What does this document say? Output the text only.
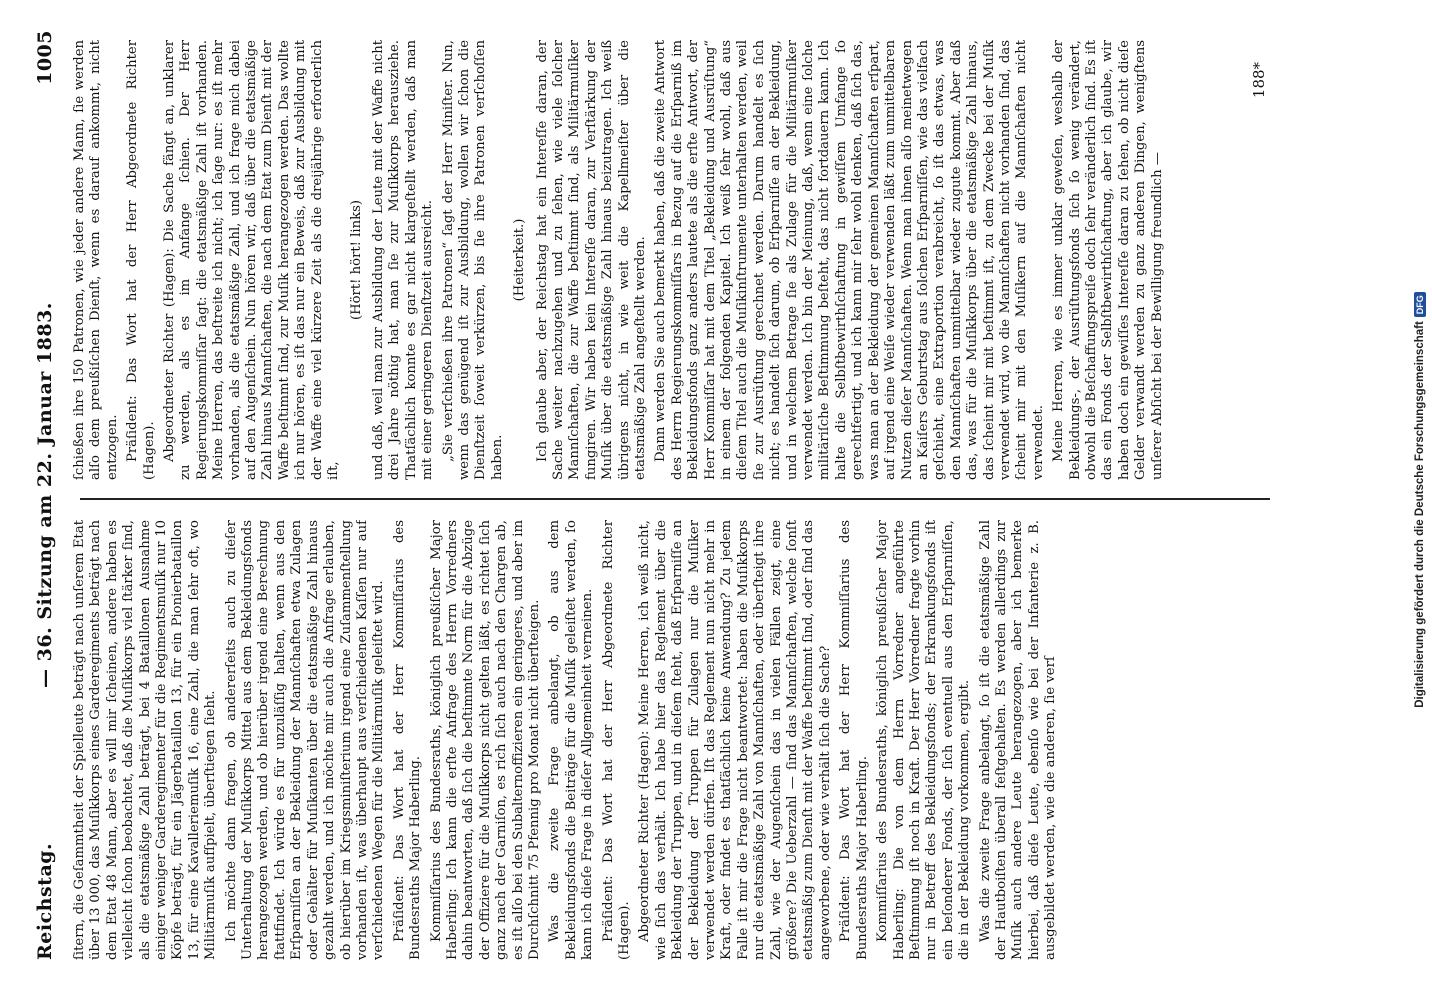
Reichstag.
— 36. Sitzung am 22. Januar 1883.
1005

ſitern, die Geſammtheit der Spielleute beträgt nach unſerem Etat über 13 000, das Muſikkorps eines Garderegiments beträgt nach dem Etat 48 Mann, aber es will mir ſcheinen, andere haben es vielleicht ſchon beobachtet, daß die Muſikkorps viel ſtärker ſind, als die etatsmäßige Zahl beträgt, bei 4 Bataillonen Ausnahme einiger weniger Garderegimenter für die Regimentsmuſik nur 10 Köpfe beträgt, für ein Jägerbataillon 13, für ein Pionierbataillon 13, für eine Kavalleriemuſik 16, eine Zahl, die man ſehr oft, wo Militärmuſik aufſpielt, überſtiegen ſieht. Ich möchte dann fragen, ob andererſeits auch zu dieſer Unterhaltung der Muſikkorps Mittel aus dem Bekleidungsfonds herangezogen werden, und ob hierüber irgend eine Berechnung ſtattfindet. Ich würde es für unzuläſſig halten, wenn aus den Erſparniſſen an der Bekleidung der Mannſchaften etwa Zulagen oder Gehälter für Muſikanten über die etatsmäßige Zahl hinaus gezahlt werden, und ich möchte mir auch die Anfrage erlauben, ob hierüber im Kriegsminiſterium irgend eine Zuſammenſtellung vorhanden iſt, was überhaupt aus verſchiedenen Kaſſen nur auf verſchiedenen Wegen für die Militärmuſik geleiſtet wird. Präſident: Das Wort hat der Herr Kommiſſarius des Bundesraths Major Haberling. Kommiſſarius des Bundesraths, königlich preußiſcher Major Haberling: Ich kann die erſte Anfrage des Herrn Vorredners dahin beantworten, daß ſich die beſtimmte Norm für die Abzüge der Offiziere für die Muſikkorps nicht gelten läßt, es richtet ſich ganz nach der Garniſon, es rich ſich auch nach den Chargen ab, es iſt alſo bei den Subalternoffizieren ein geringeres, und aber im Durchſchnitt 75 Pfennig pro Monat nicht überſteigen. Was die zweite Frage anbelangt, ob aus dem Bekleidungsfonds die Beiträge für die Muſik geleiſtet werden, ſo kann ich dieſe Frage in dieſer Allgemeinheit verneinen. Präſident: Das Wort hat der Herr Abgeordnete Richter (Hagen). Abgeordneter Richter (Hagen): Meine Herren, ich weiß nicht, wie ſich das verhält. Ich habe hier das Reglement über die Bekleidung der Truppen, und in dieſem ſteht, daß Erſparniſſe an der Bekleidung der Truppen für Zulagen nur die Muſiker verwendet werden dürfen. Iſt das Reglement nun nicht mehr in Kraft, oder findet es thatſächlich keine Anwendung? Zu jedem Falle iſt mir die Frage nicht beantwortet: haben die Muſikkorps nur die etatsmäßige Zahl von Mannſchaften, oder überſteigt ihre Zahl, wie der Augenſchein das in vielen Fällen zeigt, eine größere? Die Ueberzahl — ſind das Mannſchaften, welche ſonſt etatsmäßig zum Dienſt mit der Waffe beſtimmt ſind, oder ſind das angeworbene, oder wie verhält ſich die Sache? Präſident: Das Wort hat der Herr Kommiſſarius des Bundesraths Major Haberling. Kommiſſarius des Bundesraths, königlich preußiſcher Major Haberling: Die von dem Herrn Vorredner angeführte Beſtimmung iſt noch in Kraft. Der Herr Vorredner fragte vorhin nur in Betreff des Bekleidungsfonds; der Erkrankungsfonds iſt ein beſonderer Fonds, der ſich eventuell aus den Erſparniſſen, die in der Bekleidung vorkommen, ergibt. Was die zweite Frage anbelangt, ſo iſt die etatsmäßige Zahl der Hautboiſten überall feſtgehalten. Es werden allerdings zur Muſik auch andere Leute herangezogen, aber ich bemerke hierbei, daß dieſe Leute, ebenſo wie bei der Infanterie z. B. ausgebildet werden, wie die anderen, ſie verſ

ſchießen ihre 150 Patronen, wie jeder andere Mann, ſie werden alſo dem preußiſchen Dienſt, wenn es darauf ankommt, nicht entzogen. Präſident: Das Wort hat der Herr Abgeordnete Richter (Hagen). Abgeordneter Richter (Hagen): Die Sache fängt an, unklarer zu werden, als es im Anfange ſchien. Der Herr Regierungskommiſſar ſagt: die etatsmäßige Zahl iſt vorhanden. Meine Herren, das beſtreite ich nicht; ich ſage nur: es iſt mehr vorhanden, als die etatsmäßige Zahl, und ich frage mich dabei auf den Augenſchein. Nun hören wir, daß über die etatsmäßige Zahl hinaus Mannſchaften, die nach dem Etat zum Dienſt mit der Waffe beſtimmt ſind, zur Muſik herangezogen werden. Das wollte ich nur hören, es iſt das nur ein Beweis, daß zur Ausbildung mit der Waffe eine viel kürzere Zeit als die dreijährige erforderlich iſt,

(Hört! hört! links) und daß, weil man zur Ausbildung der Leute mit der Waffe nicht drei Jahre nöthig hat, man ſie zur Muſikkorps herausziehe. Thatſächlich konnte es gar nicht klargeſtellt werden, daß man mit einer geringeren Dienſtzeit ausreicht. „Sie verſchießen ihre Patronen“ ſagt der Herr Miniſter. Nun, wenn das genügend iſt zur Ausbildung, wollen wir ſchon die Dienſtzeit ſoweit verkürzen, bis ſie ihre Patronen verſchoſſen haben.

(Heiterkeit.) Ich glaube aber, der Reichstag hat ein Intereſſe daran, der Sache weiter nachzugehen und zu ſehen, wie viele ſolcher Mannſchaften, die zur Waffe beſtimmt ſind, als Militärmuſiker fungiren. Wir haben kein Intereſſe daran, zur Verſtärkung der Muſik über die etatsmäßige Zahl hinaus beizutragen. Ich weiß übrigens nicht, in wie weit die Kapellmeiſter über die etatsmäßige Zahl angeſtellt werden. Dann werden Sie auch bemerkt haben, daß die zweite Antwort des Herrn Regierungskommiſſars in Bezug auf die Erſparniß im Bekleidungsfonds ganz anders lautete als die erſte Antwort, der Herr Kommiſſar hat mit dem Titel „Bekleidung und Ausrüſtung“ in einem der folgenden Kapitel. Ich weiß ſehr wohl, daß aus dieſem Titel auch die Muſikinſtrumente unterhalten werden, weil ſie zur Ausrüſtung gerechnet werden. Darum handelt es ſich nicht; es handelt ſich darum, ob Erſparniſſe an der Bekleidung, und in welchem Betrage ſie als Zulage für die Militärmuſiker verwendet werden. Ich bin der Meinung, daß, wenn eine ſolche militäriſche Beſtimmung beſteht, das nicht fortdauern kann. Ich halte die Selbſtbewirthſchaftung in gewiſſem Umfange ſo gerechtfertigt, und ich kann mir ſehr wohl denken, daß ſich das, was man an der Bekleidung der gemeinen Mannſchaften erſpart, auf irgend eine Weiſe wieder verwenden läßt zum unmittelbaren Nutzen dieſer Mannſchaften. Wenn man ihnen alſo meinetwegen an Kaiſers Geburtstag aus ſolchen Erſparniſſen, wie das vielfach geſchieht, eine Extraportion verabreicht, ſo iſt das etwas, was den Mannſchaften unmittelbar wieder zugute kommt. Aber daß das, was für die Muſikkorps über die etatsmäßige Zahl hinaus, das ſcheint mir mit beſtimmt iſt, zu dem Zwecke bei der Muſik verwendet wird, wo die Mannſchaften nicht vorhanden ſind, das ſcheint mir mit den Muſikern auf die Mannſchaften nicht verwendet. Meine Herren, wie es immer unklar geweſen, weshalb der Bekleidungs-, der Ausrüſtungsfonds ſich ſo wenig verändert, obwohl die Beſchaffungspreiſe doch ſehr veränderlich ſind. Es iſt das ein Fonds der Selbſtbewirthſchaftung, aber ich glaube, wir haben doch ein gewiſſes Intereſſe daran zu ſehen, ob nicht dieſe Gelder verwandt werden zu ganz anderen Dingen, wenigſtens unſerer Abſicht bei der Bewilligung freundlich —

188*
Digitalisierung gefördert durch die Deutsche Forschungsgemeinschaft
DFG
